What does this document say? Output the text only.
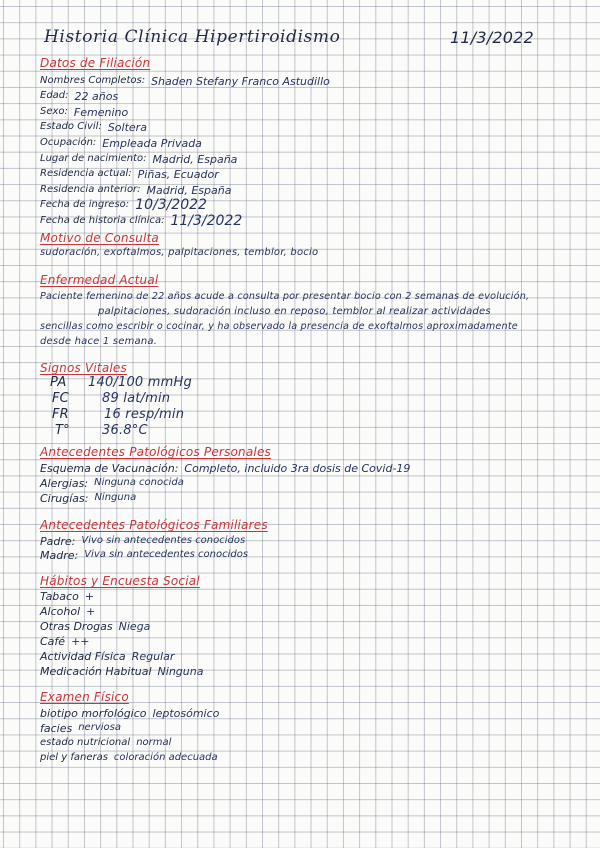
Historia Clínica Hipertiroidismo	11/3/2022
Datos de Filiación
Nombres Completos: Shaden Stefany Franco Astudillo
Edad: 22 años
Sexo: Femenino
Estado Civil: Soltera
Ocupación: Empleada Privada
Lugar de nacimiento: Madrid, España
Residencia actual: Piñas, Ecuador
Residencia anterior: Madrid, España
Fecha de ingreso: 10/3/2022
Fecha de historia clínica: 11/3/2022
Motivo de Consulta
sudoración, exoftalmos, palpitaciones, temblor, bocio
Enfermedad Actual
Paciente femenino de 22 años acude a consulta por presentar bocio con 2 semanas de evolución,
palpitaciones, sudoración incluso en reposo, temblor al realizar actividades
sencillas como escribir o cocinar, y ha observado la presencia de exoftalmos aproximadamente
desde hace 1 semana.
Signos Vitales
PA 140/100 mmHg
FC	89 lat/min
FR	16 resp/min
T° 36.8°C
Antecedentes Patológicos Personales
Esquema de Vacunación: Completo, incluido 3ra dosis de Covid-19
Alergias: Ninguna conocida
Cirugías: Ninguna
Antecedentes Patológicos Familiares
Padre: Vivo sin antecedentes conocidos
Madre: Viva sin antecedentes conocidos
Hábitos y Encuesta Social
Tabaco +
Alcohol +
Otras Drogas Niega
Café ++
Actividad Física Regular
Medicación Habitual Ninguna
Examen Físico
biotipo morfológico leptosómico
facies nerviosa
estado nutricional normal
piel y faneras coloración adecuada
